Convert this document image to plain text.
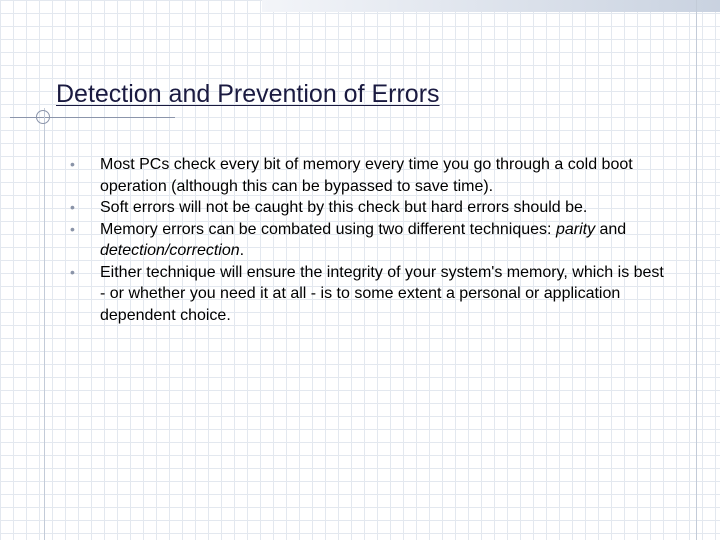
Detection and Prevention of Errors
• Most PCs check every bit of memory every time you go through a cold boot operation (although this can be bypassed to save time).
• Soft errors will not be caught by this check but hard errors should be.
• Memory errors can be combated using two different techniques: parity and detection/correction.
• Either technique will ensure the integrity of your system's memory, which is best - or whether you need it at all - is to some extent a personal or application dependent choice.
